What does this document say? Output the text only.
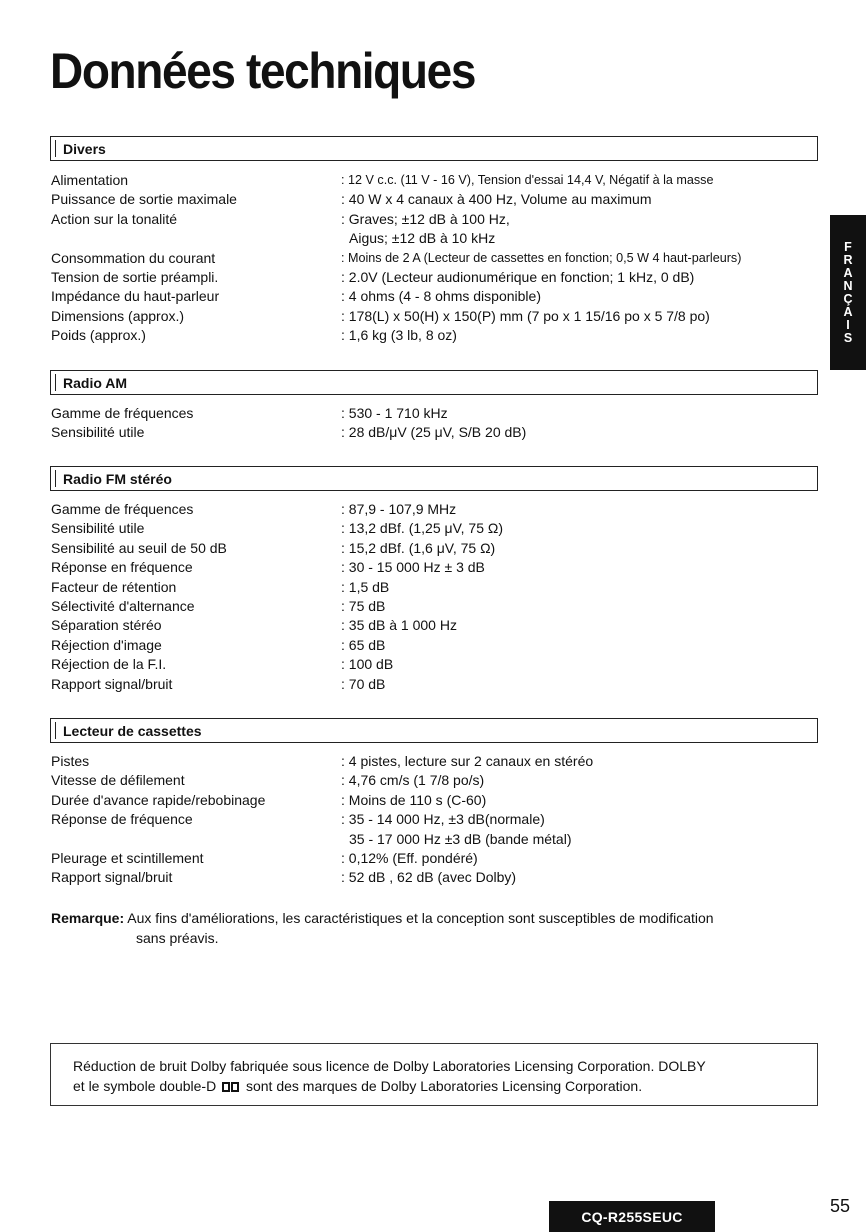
Données techniques
F
R
A
N
Ç
A
I
S
Divers
Alimentation	: 12 V c.c. (11 V - 16 V), Tension d'essai 14,4 V, Négatif à la masse
Puissance de sortie maximale	: 40 W x 4 canaux à 400 Hz, Volume au maximum
Action sur la tonalité	: Graves; ±12 dB à 100 Hz,
Aigus; ±12 dB à 10 kHz
Consommation du courant	: Moins de 2 A (Lecteur de cassettes en fonction; 0,5 W 4 haut-parleurs)
Tension de sortie préampli.	: 2.0V (Lecteur audionumérique en fonction; 1 kHz, 0 dB)
Impédance du haut-parleur	: 4 ohms (4 - 8 ohms disponible)
Dimensions (approx.)	: 178(L) x 50(H) x 150(P) mm (7 po x 1 15/16 po x 5 7/8 po)
Poids (approx.)	: 1,6 kg (3 lb, 8 oz)
Radio AM
Gamme de fréquences	: 530 - 1 710 kHz
Sensibilité utile	: 28 dB/μV (25 μV, S/B 20 dB)
Radio FM stéréo
Gamme de fréquences	: 87,9 - 107,9 MHz
Sensibilité utile	: 13,2 dBf. (1,25 μV, 75 Ω)
Sensibilité au seuil de 50 dB	: 15,2 dBf. (1,6 μV, 75 Ω)
Réponse en fréquence	: 30 - 15 000 Hz ± 3 dB
Facteur de rétention	: 1,5 dB
Sélectivité d'alternance	: 75 dB
Séparation stéréo	: 35 dB à 1 000 Hz
Réjection d'image	: 65 dB
Réjection de la F.I.	: 100 dB
Rapport signal/bruit	: 70 dB
Lecteur de cassettes
Pistes	: 4 pistes, lecture sur 2 canaux en stéréo
Vitesse de défilement	: 4,76 cm/s (1 7/8 po/s)
Durée d'avance rapide/rebobinage	: Moins de 110 s (C-60)
Réponse de fréquence	: 35 - 14 000 Hz, ±3 dB(normale)
35 - 17 000 Hz ±3 dB (bande métal)
Pleurage et scintillement	: 0,12% (Eff. pondéré)
Rapport signal/bruit	: 52 dB , 62 dB (avec Dolby)
Remarque: Aux fins d'améliorations, les caractéristiques et la conception sont susceptibles de modification
sans préavis.
Réduction de bruit Dolby fabriquée sous licence de Dolby Laboratories Licensing Corporation. DOLBY
et le symbole double-D sont des marques de Dolby Laboratories Licensing Corporation.
CQ-R255SEUC
55
